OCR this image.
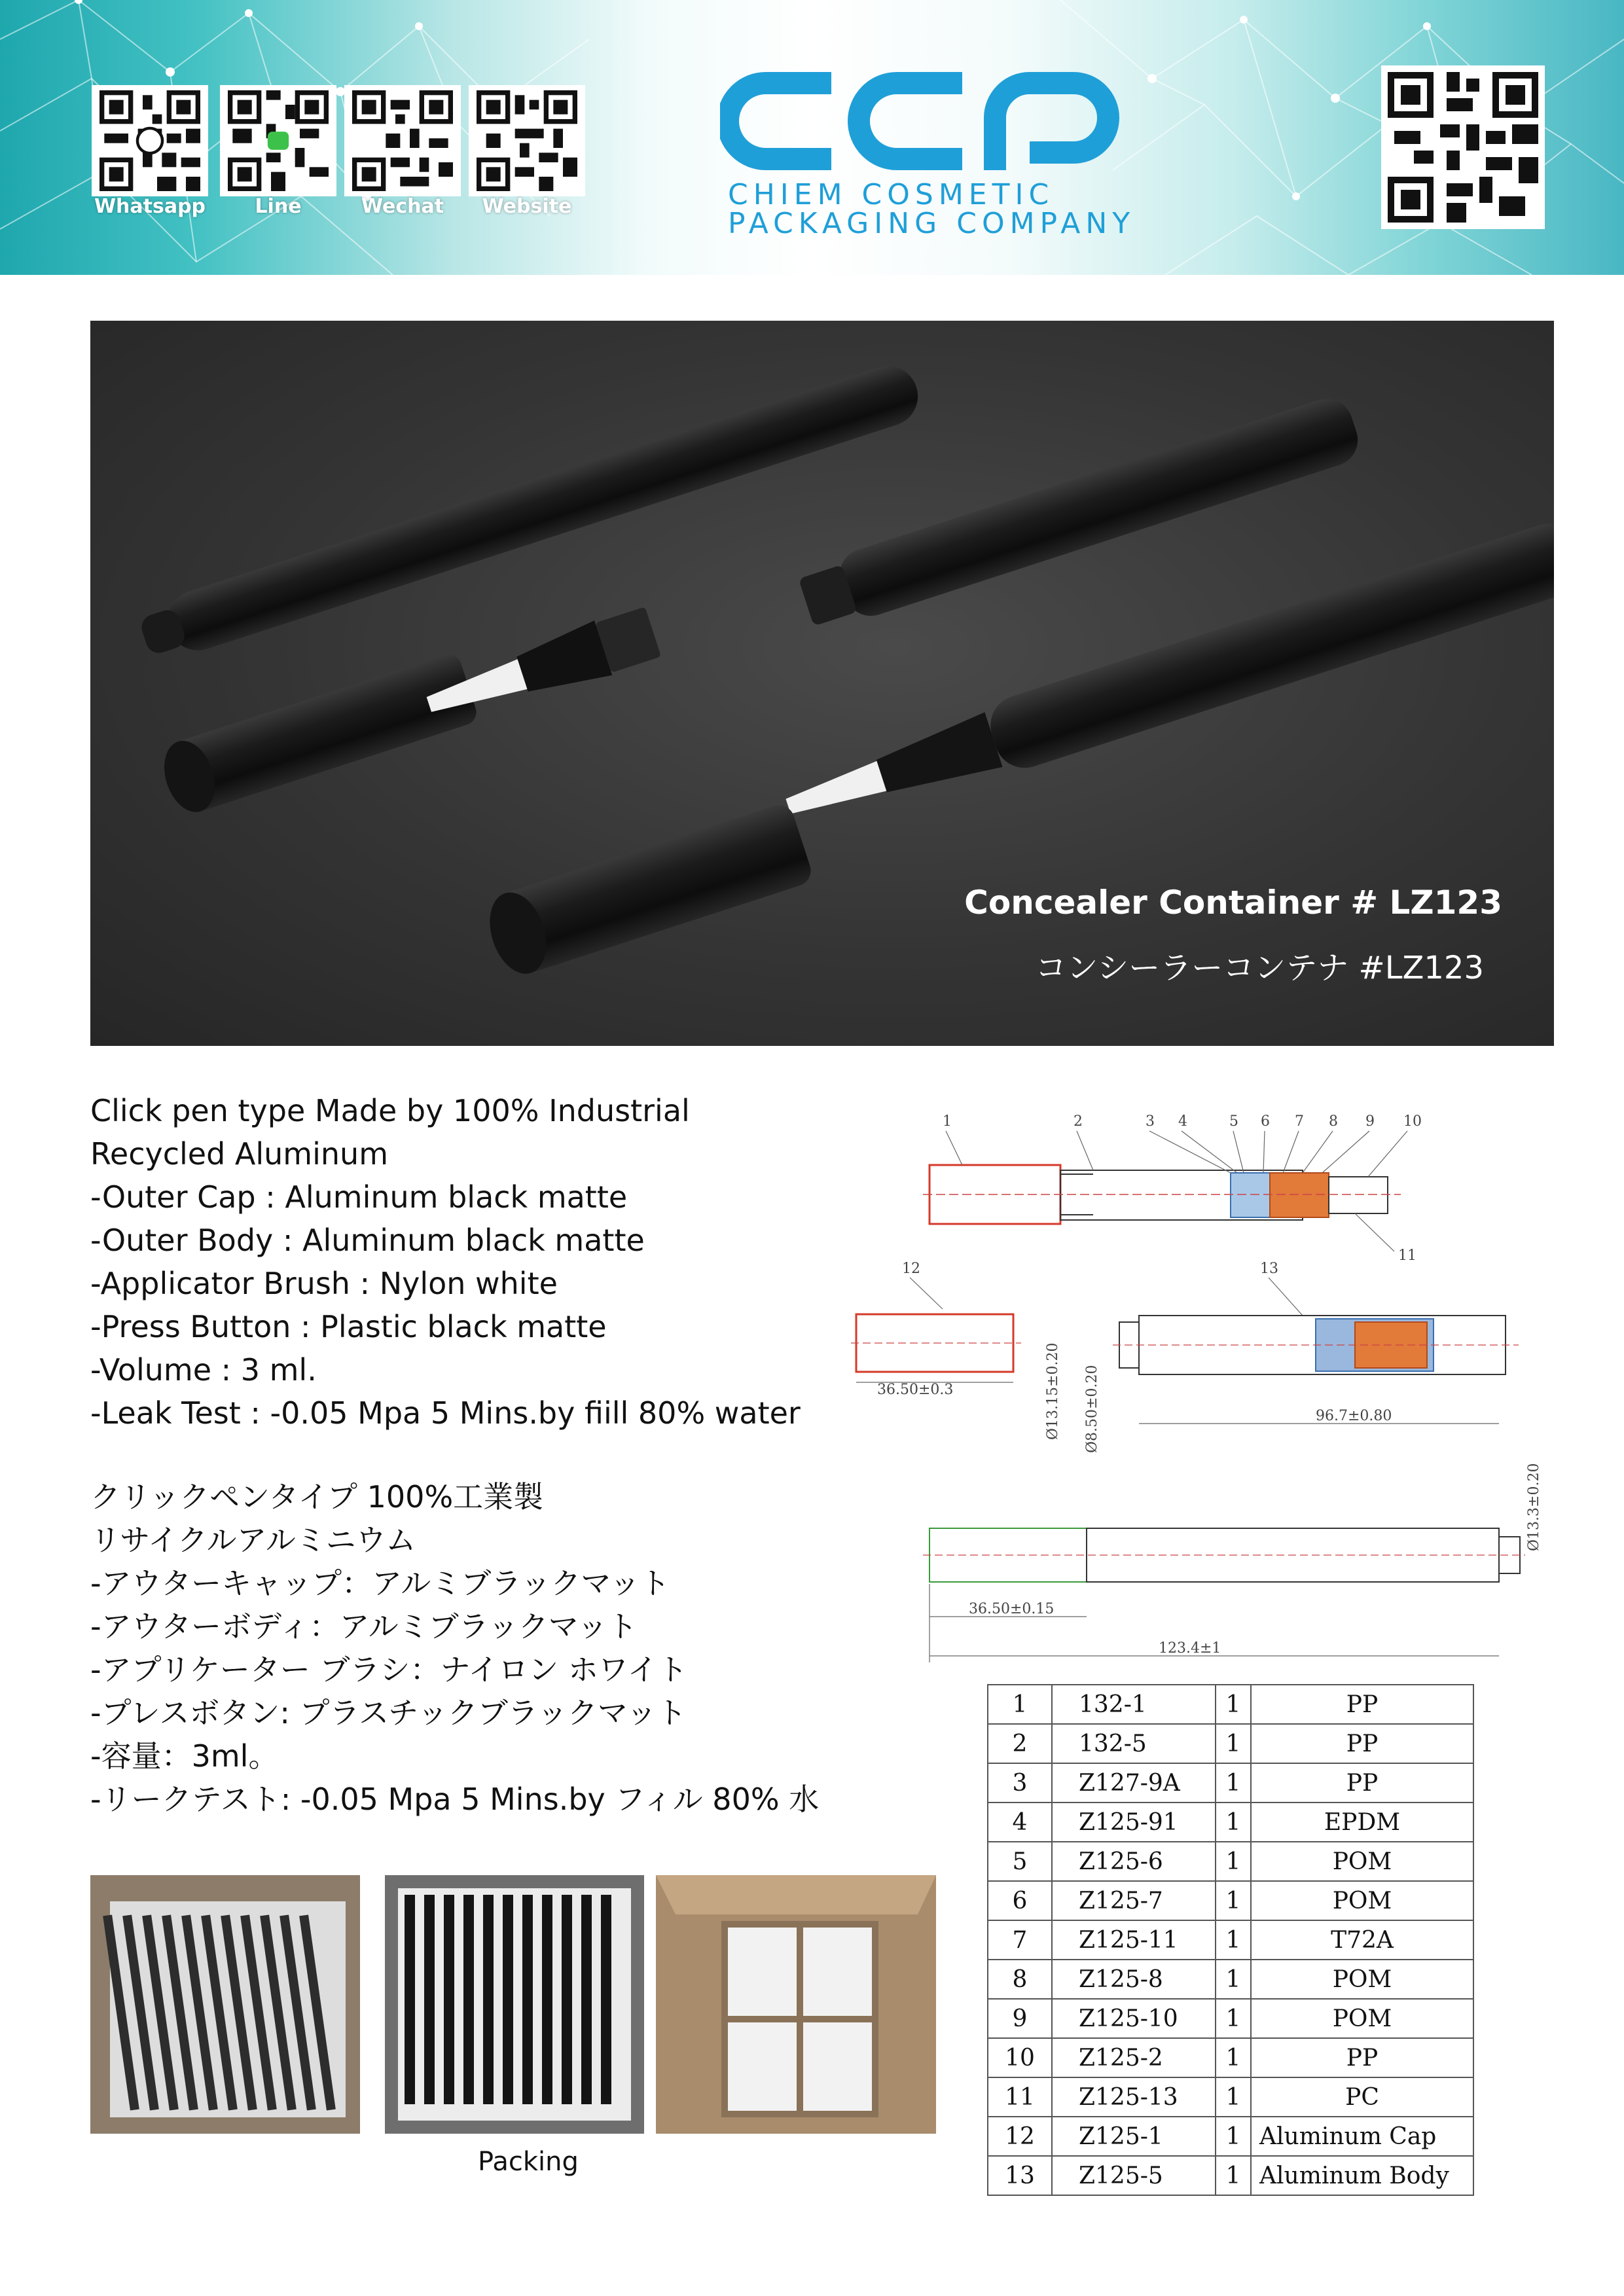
Whatsapp	Line	Wechat	Website	CHIEM COSMETIC
PACKAGING COMPANY
Concealer Container # LZ123
コンシーラーコンテナ #LZ123
Click pen type Made by 100% Industrial
Recycled Aluminum
-Outer Cap : Aluminum black matte
-Outer Body : Aluminum black matte
-Applicator Brush : Nylon white
-Press Button : Plastic black matte
-Volume : 3 ml.
-Leak Test : -0.05 Mpa 5 Mins.by fiill 80% water
クリックペンタイプ 100%工業製
リサイクルアルミニウム
-アウターキャップ：アルミブラックマット
-アウターボディ：アルミブラックマット
-アプリケーター ブラシ：ナイロン ホワイト
-プレスボタン: プラスチックブラックマット
-容量：3ml。
-リークテスト: -0.05 Mpa 5 Mins.by フィル 80% 水
Packing
1	2	3 4	5 6 7 8 9 10
11
12	13
36.50±0.3	Ø13.15±0.20 Ø8.50±0.20	96.7±0.80
Ø13.3±0.20
36.50±0.15
123.4±1
1	132-1	1	PP
2	132-5	1	PP
3	Z127-9A	1	PP
4	Z125-91	1	EPDM
5	Z125-6	1	POM
6	Z125-7	1	POM
7	Z125-11	1	T72A
8	Z125-8	1	POM
9	Z125-10	1	POM
10	Z125-2	1	PP
11	Z125-13	1	PC
12	Z125-1	1	Aluminum Cap
13	Z125-5	1	Aluminum Body
